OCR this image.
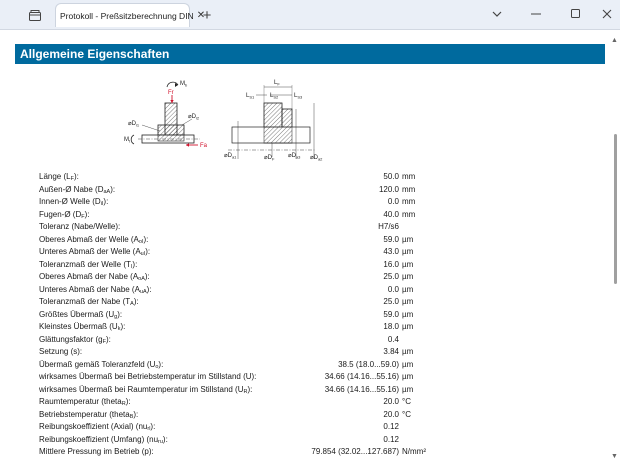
Protokoll - Preßsitzberechnung DIN ✕
+
Allgemeine Eigenschaften
$M_b$
Fr
Fa
$M_t$
$⌀D_{i1}$
$⌀D_{i2}$
$L_F$
$L_{S1}$	$L_{S2}$	$L_{S3}$
$⌀D_{a1}$	$⌀D_F$ $⌀D_{a3}$ $⌀D_{a2}$
Länge $(L_F)$:	50.0 mm
Außen-Ø Nabe $(D_{aA})$:	120.0 mm
Innen-Ø Welle $(D_{iI})$:	0.0 mm
Fugen-Ø $(D_F)$:	40.0 mm
Toleranz (Nabe/Welle):	H7/s6
Oberes Abmaß der Welle $(A_{oI})$:	59.0 µm
Unteres Abmaß der Welle $(A_{uI})$:	43.0 µm
Toleranzmaß der Welle $(T_I)$:	16.0 µm
Oberes Abmaß der Nabe $(A_{oA})$:	25.0 µm
Unteres Abmaß der Nabe $(A_{uA})$:	0.0 µm
Toleranzmaß der Nabe $(T_A)$:	25.0 µm
Größtes Übermaß $(U_g)$:	59.0 µm
Kleinstes Übermaß $(U_k)$:	18.0 µm
Glättungsfaktor $(g_F)$:	0.4
Setzung (s):	3.84 µm
Übermaß gemäß Toleranzfeld $(U_o)$:	38.5 (18.0...59.0) µm
wirksames Übermaß bei Betriebstemperatur im Stillstand (U):	34.66 (14.16...55.16) µm
wirksames Übermaß bei Raumtemperatur im Stillstand $(U_R)$:	34.66 (14.16...55.16) µm
Raumtemperatur (theta$_R$):	20.0 °C
Betriebstemperatur (theta$_B$):	20.0 °C
Reibungskoeffizient (Axial) $(nu_{rl})$:	0.12
Reibungskoeffizient (Umfang) $(nu_{ru})$:	0.12
Mittlere Pressung im Betrieb (p):	79.854 (32.02...127.687) N/mm²
▲
▼
